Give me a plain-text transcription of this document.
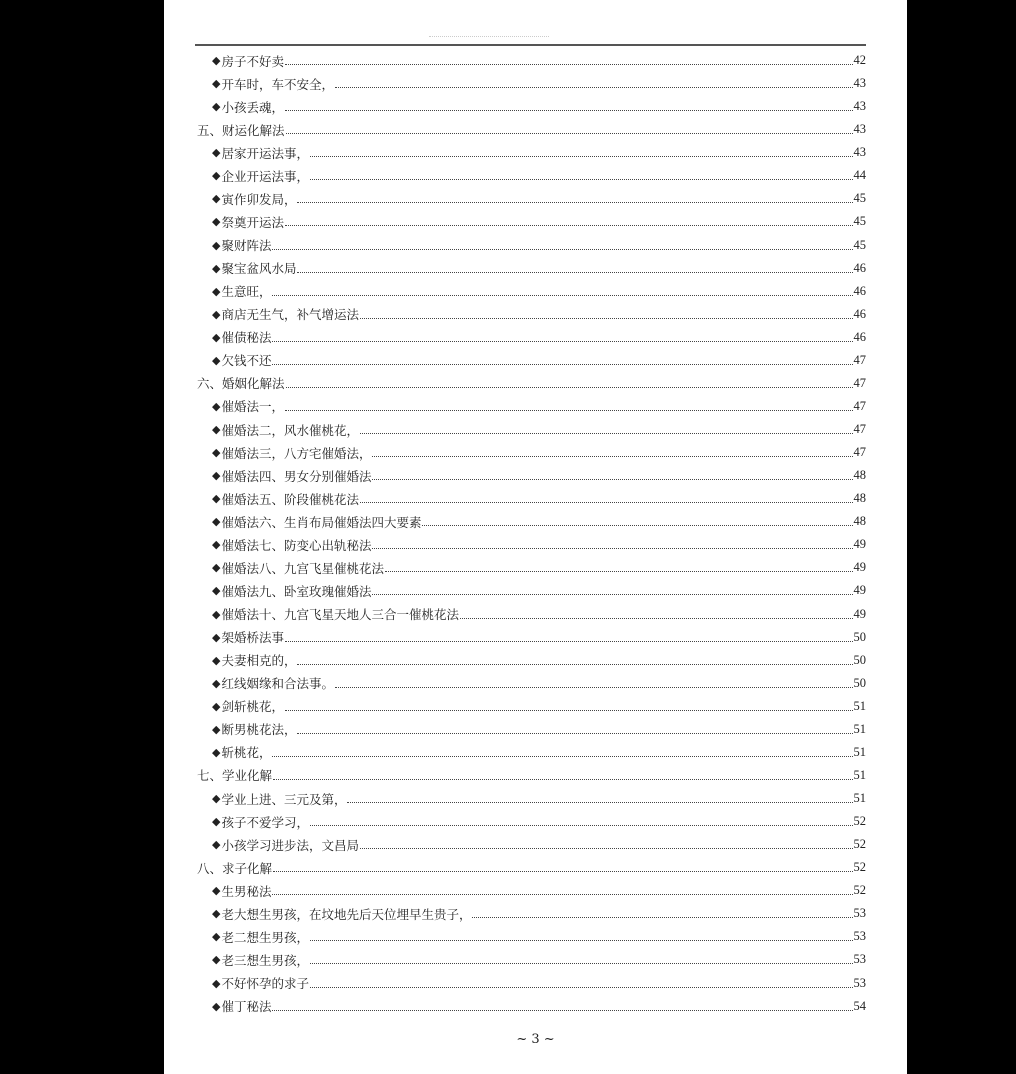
◆ 房子不好卖	42
◆ 开车时，车不安全，	43
◆ 小孩丢魂，	43
五、财运化解法	43
◆ 居家开运法事，	43
◆ 企业开运法事，	44
◆ 寅作卯发局，	45
◆ 祭奠开运法	45
◆ 聚财阵法	45
◆ 聚宝盆风水局	46
◆ 生意旺，	46
◆ 商店无生气，补气增运法	46
◆ 催债秘法	46
◆ 欠钱不还	47
六、婚姻化解法	47
◆ 催婚法一，	47
◆ 催婚法二，风水催桃花，	47
◆ 催婚法三，八方宅催婚法，	47
◆ 催婚法四、男女分别催婚法	48
◆ 催婚法五、阶段催桃花法	48
◆ 催婚法六、生肖布局催婚法四大要素	48
◆ 催婚法七、防变心出轨秘法	49
◆ 催婚法八、九宫飞星催桃花法	49
◆ 催婚法九、卧室玫瑰催婚法	49
◆ 催婚法十、九宫飞星天地人三合一催桃花法	49
◆ 架婚桥法事	50
◆ 夫妻相克的，	50
◆ 红线姻缘和合法事。	50
◆ 剑斩桃花，	51
◆ 断男桃花法，	51
◆ 斩桃花，	51
七、学业化解	51
◆ 学业上进、三元及第，	51
◆ 孩子不爱学习，	52
◆ 小孩学习进步法，文昌局	52
八、求子化解	52
◆ 生男秘法	52
◆ 老大想生男孩，在坟地先后天位埋早生贵子，	53
◆ 老二想生男孩，	53
◆ 老三想生男孩，	53
◆ 不好怀孕的求子	53
◆ 催丁秘法	54
~ 3 ~
